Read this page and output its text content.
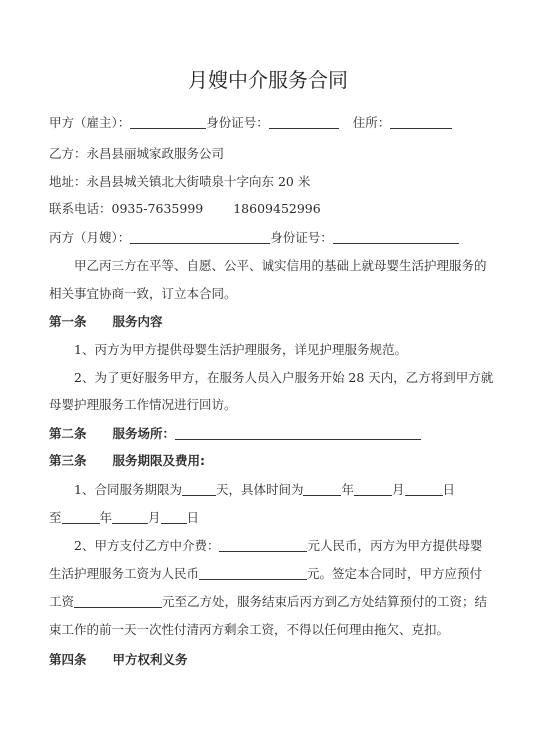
月嫂中介服务合同
甲方（雇主）：	身份证号：	住所：
乙方：永昌县丽城家政服务公司
地址：永昌县城关镇北大街啧泉十字向东 20 米
联系电话：0935-7635999 18609452996
丙方（月嫂）：	身份证号：
甲乙丙三方在平等、自愿、公平、诚实信用的基础上就母婴生活护理服务的
相关事宜协商一致，订立本合同。
第一条 服务内容
1、丙方为甲方提供母婴生活护理服务，详见护理服务规范。
2、为了更好服务甲方，在服务人员入户服务开始 28 天内，乙方将到甲方就
母婴护理服务工作情况进行回访。
第二条 服务场所：
第三条 服务期限及费用:
1、合同服务期限为	天，具体时间为	年	月	日
至	年	月 日
2、甲方支付乙方中介费：	元人民币，丙方为甲方提供母婴
生活护理服务工资为人民币	元。签定本合同时，甲方应预付
工资	元至乙方处，服务结束后丙方到乙方处结算预付的工资；结
束工作的前一天一次性付清丙方剩余工资，不得以任何理由拖欠、克扣。
第四条 甲方权利义务
